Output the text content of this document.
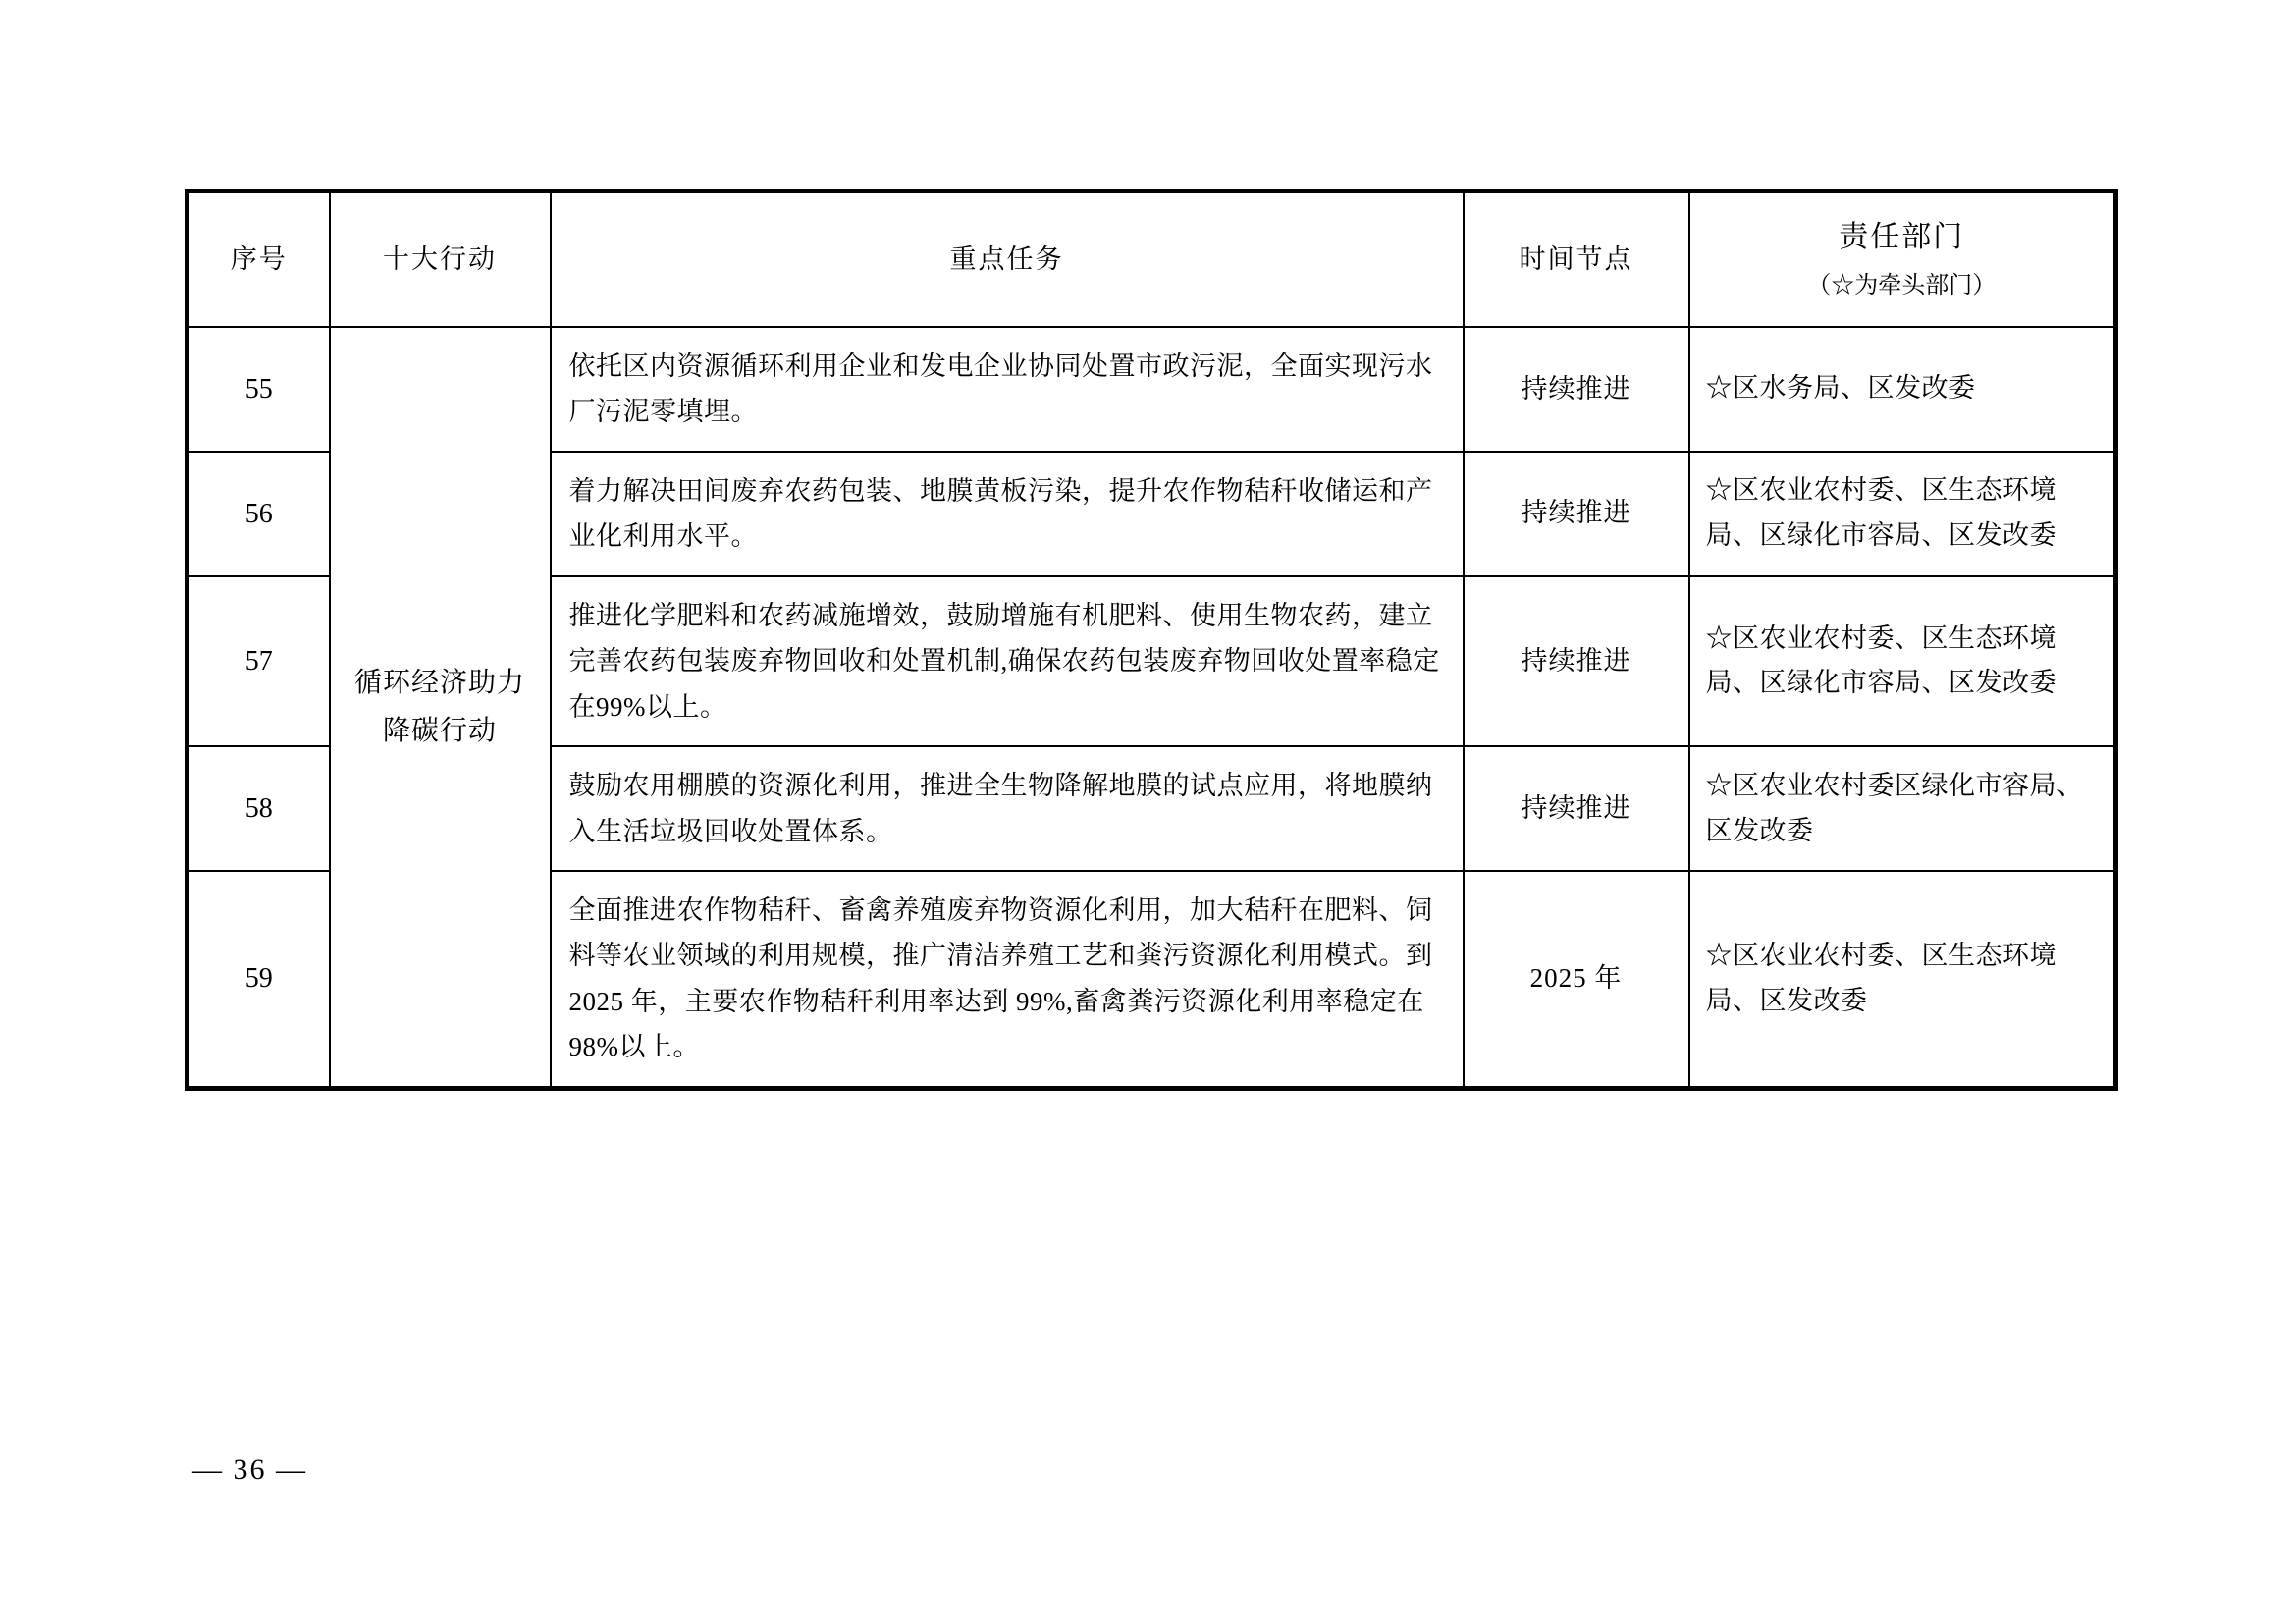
序号	十大行动	重点任务	时间节点	责任部门
（☆为牵头部门）

55	循环经济助力降碳行动	依托区内资源循环利用企业和发电企业协同处置市政污泥，全面实现污水厂污泥零填埋。	持续推进	☆区水务局、区发改委
56		着力解决田间废弃农药包装、地膜黄板污染，提升农作物秸秆收储运和产业化利用水平。	持续推进	☆区农业农村委、区生态环境局、区绿化市容局、区发改委
57		推进化学肥料和农药减施增效，鼓励增施有机肥料、使用生物农药，建立完善农药包装废弃物回收和处置机制,确保农药包装废弃物回收处置率稳定在99%以上。	持续推进	☆区农业农村委、区生态环境局、区绿化市容局、区发改委
58		鼓励农用棚膜的资源化利用，推进全生物降解地膜的试点应用，将地膜纳入生活垃圾回收处置体系。	持续推进	☆区农业农村委区绿化市容局、区发改委
59		全面推进农作物秸秆、畜禽养殖废弃物资源化利用，加大秸秆在肥料、饲料等农业领域的利用规模，推广清洁养殖工艺和粪污资源化利用模式。到 2025 年，主要农作物秸秆利用率达到 99%,畜禽粪污资源化利用率稳定在98%以上。	2025 年	☆区农业农村委、区生态环境局、区发改委
— 36 —
